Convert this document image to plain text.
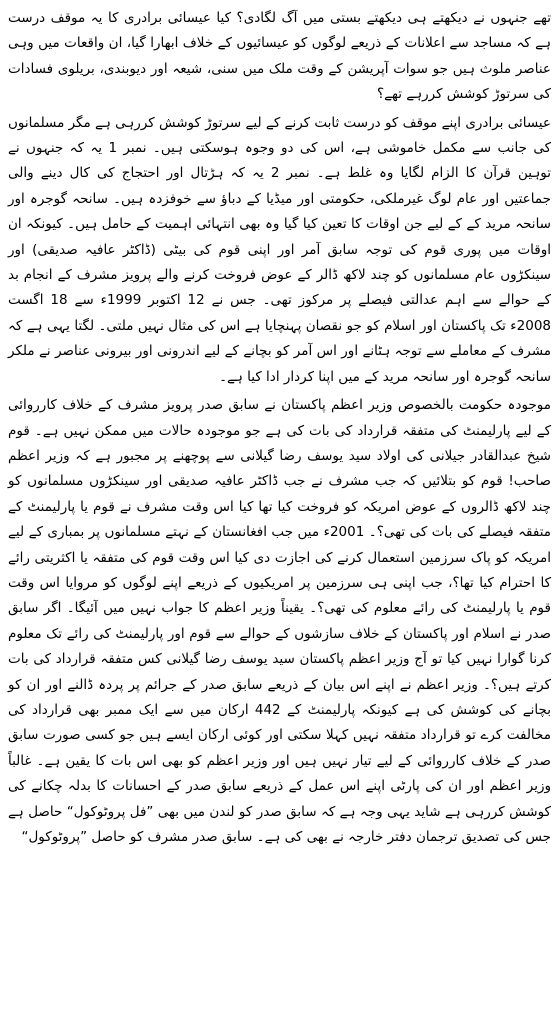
تھے جنہوں نے دیکھتے ہی دیکھتے بستی میں آگ لگادی؟ کیا عیسائی برادری کا یہ موقف درست ہے کہ مساجد سے اعلانات کے ذریعے لوگوں کو عیسائیوں کے خلاف ابھارا گیا، ان واقعات میں وہی عناصر ملوث ہیں جو سوات آپریشن کے وقت ملک میں سنی، شیعہ اور دیوبندی، بریلوی فسادات کی سرتوڑ کوشش کررہے تھے؟

عیسائی برادری اپنے موقف کو درست ثابت کرنے کے لیے سرتوڑ کوشش کررہی ہے مگر مسلمانوں کی جانب سے مکمل خاموشی ہے، اس کی دو وجوہ ہوسکتی ہیں۔ نمبر 1 یہ کہ جنہوں نے توہین قرآن کا الزام لگایا وہ غلط ہے۔ نمبر 2 یہ کہ ہڑتال اور احتجاج کی کال دینے والی جماعتیں اور عام لوگ غیرملکی، حکومتی اور میڈیا کے دباؤ سے خوفزدہ ہیں۔ سانحہ گوجرہ اور سانحہ مرید کے کے لیے جن اوقات کا تعین کیا گیا وہ بھی انتہائی اہمیت کے حامل ہیں۔ کیونکہ ان اوقات میں پوری قوم کی توجہ سابق آمر اور اپنی قوم کی بیٹی (ڈاکٹر عافیہ صدیقی) اور سینکڑوں عام مسلمانوں کو چند لاکھ ڈالر کے عوض فروخت کرنے والے پرویز مشرف کے انجام بد کے حوالے سے اہم عدالتی فیصلے پر مرکوز تھی۔ جس نے 12 اکتوبر 1999ء سے 18 اگست 2008ء تک پاکستان اور اسلام کو جو نقصان پہنچایا ہے اس کی مثال نہیں ملتی۔ لگتا یہی ہے کہ مشرف کے معاملے سے توجہ ہٹانے اور اس آمر کو بچانے کے لیے اندرونی اور بیرونی عناصر نے ملکر سانحہ گوجرہ اور سانحہ مرید کے میں اپنا کردار ادا کیا ہے۔

موجودہ حکومت بالخصوص وزیر اعظم پاکستان نے سابق صدر پرویز مشرف کے خلاف کارروائی کے لیے پارلیمنٹ کی متفقہ قرارداد کی بات کی ہے جو موجودہ حالات میں ممکن نہیں ہے۔ قوم شیخ عبدالقادر جیلانی کی اولاد سید یوسف رضا گیلانی سے پوچھنے پر مجبور ہے کہ وزیر اعظم صاحب! قوم کو بتلائیں کہ جب مشرف نے جب ڈاکٹر عافیہ صدیقی اور سینکڑوں مسلمانوں کو چند لاکھ ڈالروں کے عوض امریکہ کو فروخت کیا تھا کیا اس وقت مشرف نے قوم یا پارلیمنٹ کے متفقہ فیصلے کی بات کی تھی؟۔ 2001ء میں جب افغانستان کے نہتے مسلمانوں پر بمباری کے لیے امریکہ کو پاک سرزمین استعمال کرنے کی اجازت دی کیا اس وقت قوم کی متفقہ یا اکثریتی رائے کا احترام کیا تھا؟، جب اپنی ہی سرزمین پر امریکیوں کے ذریعے اپنے لوگوں کو مروایا اس وقت قوم یا پارلیمنٹ کی رائے معلوم کی تھی؟۔ یقیناً وزیر اعظم کا جواب نہیں میں آئیگا۔ اگر سابق صدر نے اسلام اور پاکستان کے خلاف سازشوں کے حوالے سے قوم اور پارلیمنٹ کی رائے تک معلوم کرنا گوارا نہیں کیا تو آج وزیر اعظم پاکستان سید یوسف رضا گیلانی کس متفقہ قرارداد کی بات کرتے ہیں؟۔ وزیر اعظم نے اپنے اس بیان کے ذریعے سابق صدر کے جرائم پر پردہ ڈالنے اور ان کو بچانے کی کوشش کی ہے کیونکہ پارلیمنٹ کے 442 ارکان میں سے ایک ممبر بھی قرارداد کی مخالفت کرے تو قرارداد متفقہ نہیں کہلا سکتی اور کوئی ارکان ایسے ہیں جو کسی صورت سابق صدر کے خلاف کارروائی کے لیے تیار نہیں ہیں اور وزیر اعظم کو بھی اس بات کا یقین ہے۔ غالباً وزیر اعظم اور ان کی پارٹی اپنے اس عمل کے ذریعے سابق صدر کے احسانات کا بدلہ چکانے کی کوشش کررہی ہے شاید یہی وجہ ہے کہ سابق صدر کو لندن میں بھی ”فل پروٹوکول“ حاصل ہے جس کی تصدیق ترجمان دفتر خارجہ نے بھی کی ہے۔ سابق صدر مشرف کو حاصل ”پروٹوکول“
